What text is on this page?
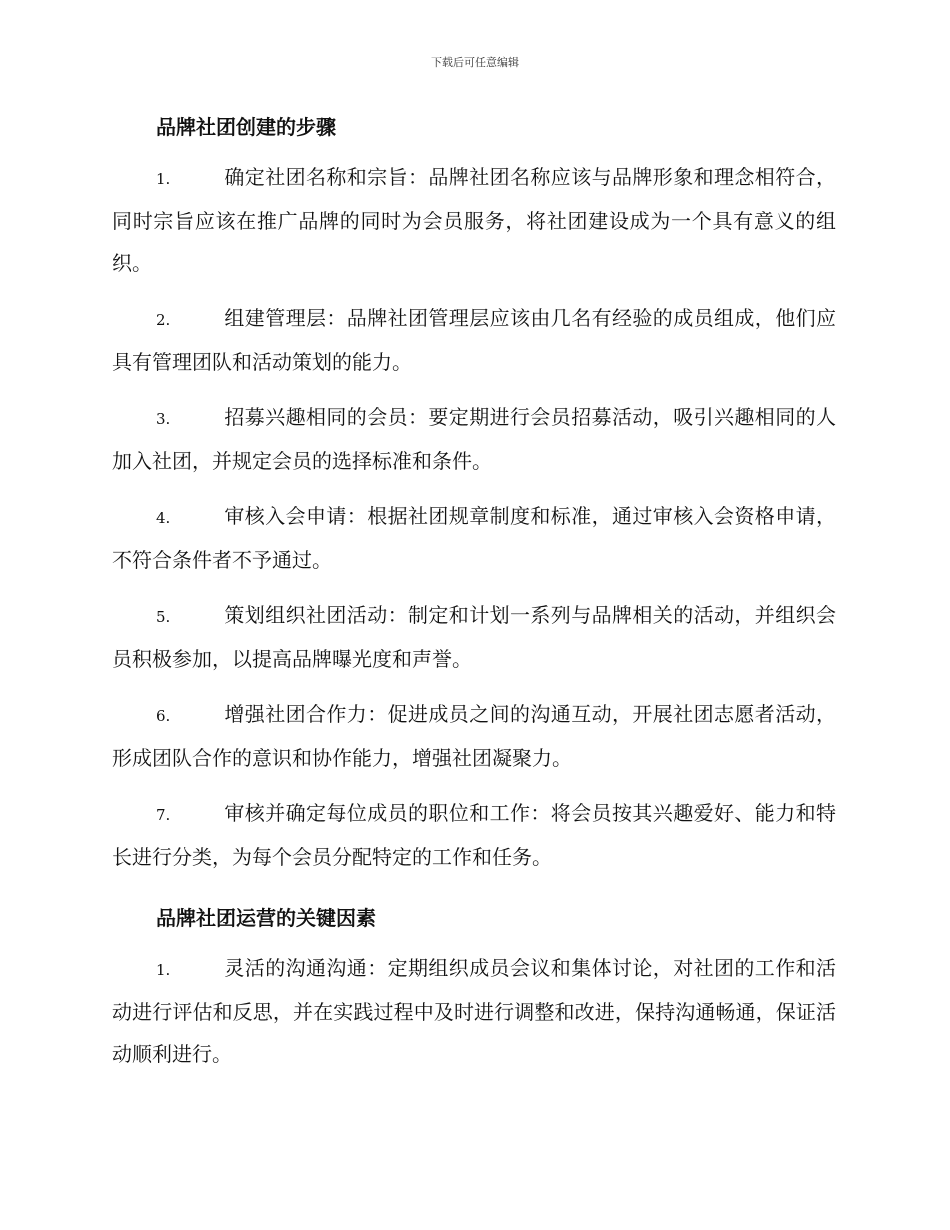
下载后可任意编辑
品牌社团创建的步骤

1.	确定社团名称和宗旨：品牌社团名称应该与品牌形象和理念相符合，同时宗旨应该在推广品牌的同时为会员服务，将社团建设成为一个具有意义的组织。

2.	组建管理层：品牌社团管理层应该由几名有经验的成员组成，他们应具有管理团队和活动策划的能力。

3.	招募兴趣相同的会员：要定期进行会员招募活动，吸引兴趣相同的人加入社团，并规定会员的选择标准和条件。

4.	审核入会申请：根据社团规章制度和标准，通过审核入会资格申请，不符合条件者不予通过。

5.	策划组织社团活动：制定和计划一系列与品牌相关的活动，并组织会员积极参加，以提高品牌曝光度和声誉。

6.	增强社团合作力：促进成员之间的沟通互动，开展社团志愿者活动，形成团队合作的意识和协作能力，增强社团凝聚力。

7.	审核并确定每位成员的职位和工作：将会员按其兴趣爱好、能力和特长进行分类，为每个会员分配特定的工作和任务。

品牌社团运营的关键因素

1.	灵活的沟通沟通：定期组织成员会议和集体讨论，对社团的工作和活动进行评估和反思，并在实践过程中及时进行调整和改进，保持沟通畅通，保证活动顺利进行。
